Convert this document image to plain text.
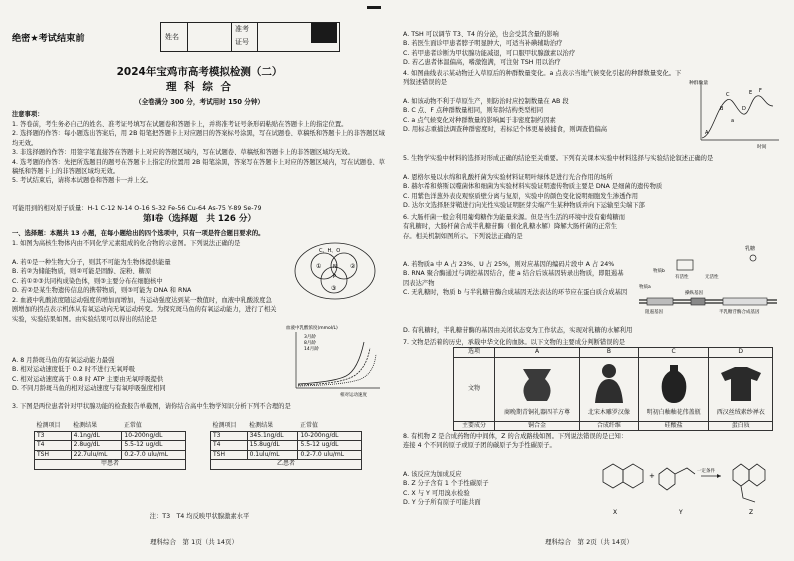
绝密★考试结束前	姓名
准考
证号
2024年宝鸡市高考模拟检测（二）
理 科 综 合
（全卷满分 300 分，考试用时 150 分钟）
注意事项：

1. 答卷前，考生务必自己的姓名、准考证号填写在试题卷和答题卡上，并将准考证号条形码粘贴在答题卡上的指定位置。

2. 选择题的作答：每小题选出答案后，用 2B 铅笔把答题卡上对应题目的答案标号涂黑，写在试题卷、草稿纸和答题卡上的非答题区域均无效。

3. 非选择题的作答：用签字笔直接答在答题卡上对应的答题区域内，写在试题卷、草稿纸和答题卡上的非答题区域均无效。

4. 选考题的作答：先把所选题目的题号在答题卡上指定的位置用 2B 铅笔涂黑，答案写在答题卡上对应的答题区域内，写在试题卷、草稿纸和答题卡上的非答题区域均无效。

5. 考试结束后，请将本试题卷和答题卡一并上交。

可能用到的相对原子质量：H-1 C-12 N-14 O-16 S-32 Fe-56 Cu-64 As-75 Y-89 Se-79
第Ⅰ卷（选择题　共 126 分）
一、选择题：本题共 13 小题，在每小题给出的四个选项中，只有一项是符合题目要求的。
1. 如图为高核生物体内由不同化学元素组成的化合物的示意图。下列说法正确的是

A. 若①是一种生物大分子，则其不可能为生物体提供能量

B. 若②为储能物质，则②可能是固醇、淀粉、糖原

C. 若①②③共同构成染色体，则③主要分布在细胞核中

D. 若②是某生物遗传信息的携带物质，则③可能为 DNA 和 RNA

C、H、O
N
P
①	②
③
2. 血液中乳酸浓度随运动强度的增加而增加，当运动强度达到某一数值时，血液中乳酸浓度急剧增加的拐点表示机体从有氧运动向无氧运动转变。为探究斑马鱼的有氧运动能力，进行了相关实验，实验结果如图。由实验结果可以得出的结论是

A. 8 月龄斑马鱼的有氧运动能力最强

B. 相对运动速度低于 0.2 时不进行无氧呼吸

C. 相对运动速度高于 0.8 时 ATP 主要由无氧呼吸提供

D. 不同月龄斑马鱼的相对运动速度与有氧呼吸强度相同

血液中乳酸浓度(mmol/L)
3月龄
8月龄
14月龄
相对运动速度
3. 下图是两位患者针对甲状腺功能的检查报告单截图，请你结合高中生物学知识分析下列不合理的是
检测项目	检测结果	正常值
T3	4.1ng/dL	10-200ng/dL
T4	2.8ug/dL	5.5-12 ug/dL
TSH	22.7ulu/mL	0.2-7.0 ulu/mL
甲患者		
检测项目	检测结果	正常值
T3	345.1ng/dL	10-200ng/dL
T4	15.8ug/dL	5.5-12 ug/dL
TSH	0.1ulu/mL	0.2-7.0 ulu/mL
乙患者		
注：T3　T4 均反映甲状腺激素水平
理科综合　第 1页（共 14页）

A. TSH 可以调节 T3、T4 的分泌，也会受其含量的影响

B. 若医生面诊甲患者脖子明显肿大，可适当补碘辅助治疗

C. 若甲患者诊断为甲状腺功能减退，可口服甲状腺激素以治疗

D. 若乙患者体温偏高，嗜激饱满，可注射 TSH 用以治疗

4. 如图曲线表示某动物迁入草原后的种群数量变化。a 点表示当地气候变化引起的种群数量变化。下列叙述错误的是

A. 如该动物不利于草原生产，则防治时应控制数量在 AB 段

B. C 点、F 点种群数量相同，则年龄结构类型相同

C. a 点气候变化对种群数量的影响属于非密度制约因素

D. 用标志重捕法调查种群密度时，若标记个体更易被捕食，则调查值偏高

种群数量
A
B
C
D
E F
a
时间
5. 生物学实验中材料的选择对形成正确的结论至关重要。下列有关课本实验中材料选择与实验结论叙述正确的是

A. 恩格尔曼以水绵和乳酸杆菌为实验材料证明叶绿体是进行光合作用的场所

B. 赫尔希和蔡斯以噬菌体和细菌为实验材料实验证明遗传物质主要是 DNA 是细菌的遗传物质

C. 用紫色洋葱外表皮观察质壁分离与复原，实验中的颜色变化说明细胞发生渗透作用

D. 达尔文选择胚芽鞘进行向光性实验证明胚芽尖端产生某种物质并向下运输至尖端下部

6. 大肠杆菌一般会利用葡萄糖作为能量来源。但是当生活的环境中没有葡萄糖而有乳糖时，大肠杆菌合成半乳糖苷酶（催化乳糖水解）降解大肠杆菌的正常生存。相关机制如图所示。下列说法正确的是

A. 若物质a 中 A 占 23%、U 占 25%，则对应基因的编码片段中 A 占 24%

B. RNA 聚合酶通过与调控基因结合，使 a 结合后该基因转录出物质，即阻遏基因表达产物

C. 无乳糖时，物质 b 与半乳糖苷酶合成基因无法表达的环节应在蛋白质合成基因

D. 有乳糖时，半乳糖苷酶的基因由关闭状态变为工作状态，实现对乳糖的水解利用
乳糖
有活性	无活性
物质b
阻遏基因
操纵基因
半乳糖苷酶合成基因
物质a
7. 文物是活着的历史，承载中华文化的血脉。以下文物的主要成分判断错误的是
选项	A	B	C	D
文物	商晚期青铜礼器四羊方尊	北宋木雕罗汉像	明初白釉釉花伟盖瓶	西汉丝绒素纱禅衣

主要成分	铜合金	合成纤维	硅酸盐	蛋白质
8. 有机物 Z 是合成药物的中间体，Z 的合成路线如图。下列说法错误的是已知：连接 4 个不同的原子或原子团的碳原子为手性碳原子。

A. 该反应为加成反应

B. Z 分子含有 1 个手性碳原子

C. X 与 Y 可用溴水检验

D. Y 分子所有原子可能共面

X
+
Y
一定条件
Z
理科综合　第 2页（共 14页）
